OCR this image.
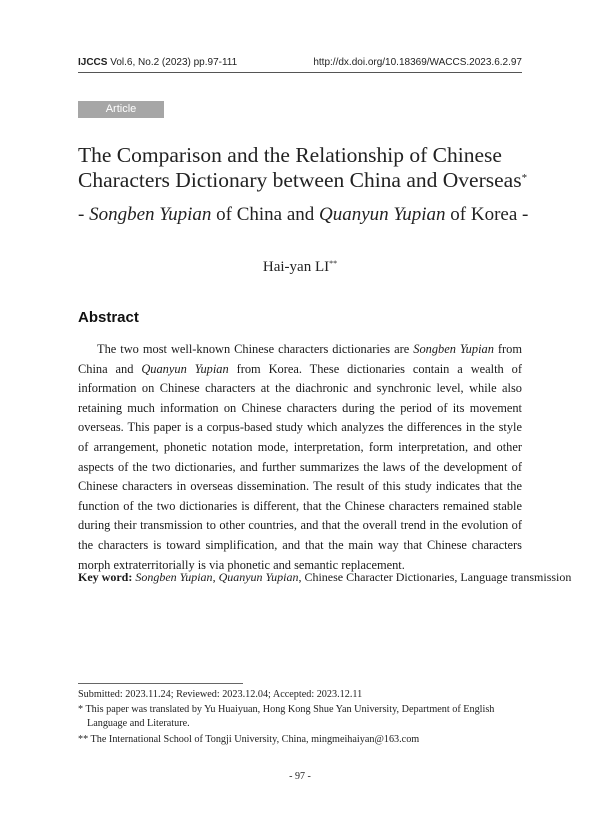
IJCCS Vol.6, No.2 (2023) pp.97-111	http://dx.doi.org/10.18369/WACCS.2023.6.2.97
Article
The Comparison and the Relationship of Chinese
Characters Dictionary between China and Overseas*
- Songben Yupian of China and Quanyun Yupian of Korea -
Hai-yan LI**
Abstract

The two most well-known Chinese characters dictionaries are Songben Yupian from China and Quanyun Yupian from Korea. These dictionaries contain a wealth of information on Chinese characters at the diachronic and synchronic level, while also retaining much information on Chinese characters during the period of its movement overseas. This paper is a corpus-based study which analyzes the differences in the style of arrangement, phonetic notation mode, interpretation, form interpretation, and other aspects of the two dictionaries, and further summarizes the laws of the development of Chinese characters in overseas dissemination. The result of this study indicates that the function of the two dictionaries is different, that the Chinese characters remained stable during their transmission to other countries, and that the overall trend in the evolution of the characters is toward simplification, and that the main way that Chinese characters morph extraterritorially is via phonetic and semantic replacement.

Key word: Songben Yupian, Quanyun Yupian, Chinese Character Dictionaries, Language transmission
Submitted: 2023.11.24; Reviewed: 2023.12.04; Accepted: 2023.12.11
* This paper was translated by Yu Huaiyuan, Hong Kong Shue Yan University, Department of English
Language and Literature.
** The International School of Tongji University, China, mingmeihaiyan@163.com
- 97 -
